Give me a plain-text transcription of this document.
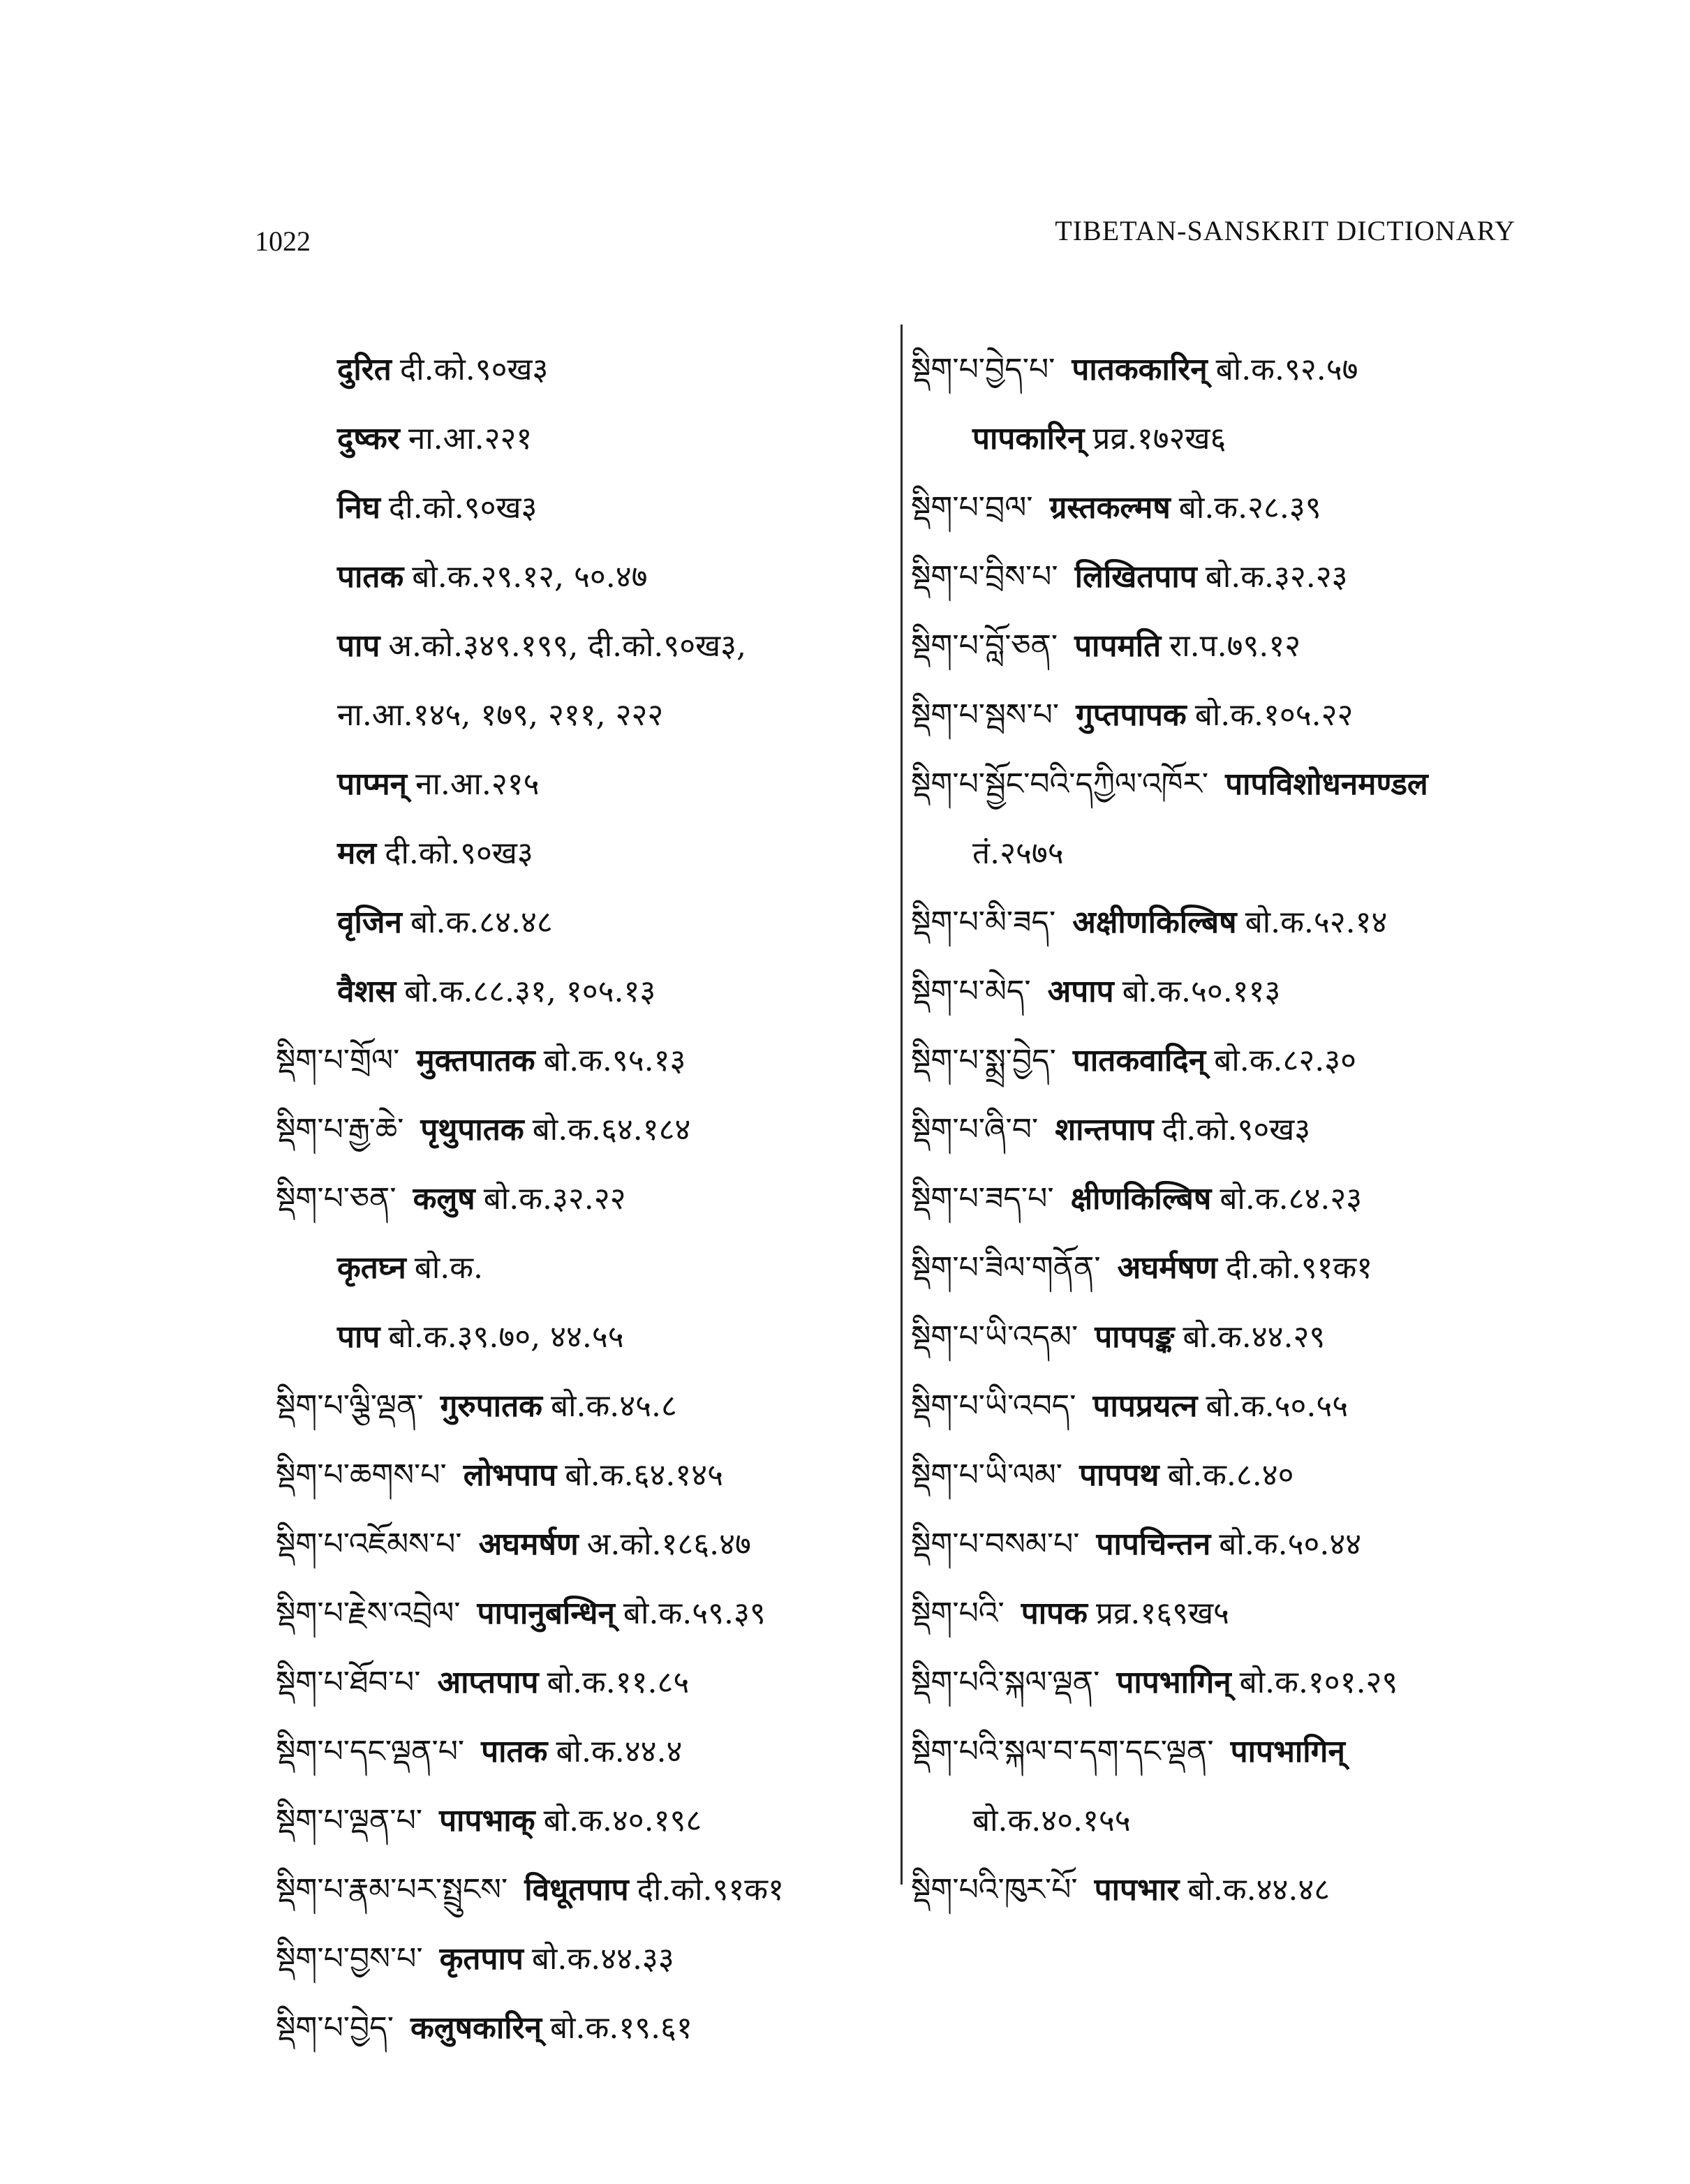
1022	TIBETAN-SANSKRIT DICTIONARY
दुरित दी.को.९०ख३
दुष्कर ना.आ.२२१
निघ दी.को.९०ख३
पातक बो.क.२९.१२, ५०.४७
पाप अ.को.३४९.१९९, दी.को.९०ख३,
ना.आ.१४५, १७९, २११, २२२
पाप्मन् ना.आ.२१५
मल दी.को.९०ख३
वृजिन बो.क.८४.४८
वैशस बो.क.८८.३१, १०५.१३
སྡིག་པ་གྲོལ་ मुक्तपातक बो.क.९५.१३
སྡིག་པ་རྒྱ་ཆེ་ पृथुपातक बो.क.६४.१८४
སྡིག་པ་ཅན་ कलुष बो.क.३२.२२
कृतघ्न बो.क.
पाप बो.क.३९.७०, ४४.५५
སྡིག་པ་ལྕི་ལྡན་ गुरुपातक बो.क.४५.८
སྡིག་པ་ཆགས་པ་ लोभपाप बो.क.६४.१४५
སྡིག་པ་འཇོམས་པ་ अघमर्षण अ.को.१८६.४७
སྡིག་པ་རྗེས་འབྲེལ་ पापानुबन्धिन् बो.क.५९.३९
སྡིག་པ་ཐོབ་པ་ आप्तपाप बो.क.११.८५
སྡིག་པ་དང་ལྡན་པ་ पातक बो.क.४४.४
སྡིག་པ་ལྡན་པ་ पापभाक् बो.क.४०.१९८
སྡིག་པ་རྣམ་པར་སྤྲུངས་ विधूतपाप दी.को.९१क१
སྡིག་པ་བྱས་པ་ कृतपाप बो.क.४४.३३
སྡིག་པ་བྱེད་ कलुषकारिन् बो.क.१९.६१
སྡིག་པ་བྱེད་པ་ पातककारिन् बो.क.९२.५७
पापकारिन् प्रव्र.१७२ख६
སྡིག་པ་བྲལ་ ग्रस्तकल्मष बो.क.२८.३९
སྡིག་པ་བྲིས་པ་ लिखितपाप बो.क.३२.२३
སྡིག་པ་བློ་ཅན་ पापमति रा.प.७९.१२
སྡིག་པ་སྦས་པ་ गुप्तपापक बो.क.१०५.२२
སྡིག་པ་སྦྱོང་བའི་དཀྱིལ་འཁོར་ पापविशोधनमण्डल
तं.२५७५
སྡིག་པ་མི་ཟད་ अक्षीणकिल्बिष बो.क.५२.१४
སྡིག་པ་མེད་ अपाप बो.क.५०.११३
སྡིག་པ་སྨྲ་བྱེད་ पातकवादिन् बो.क.८२.३०
སྡིག་པ་ཞི་བ་ शान्तपाप दी.को.९०ख३
སྡིག་པ་ཟད་པ་ क्षीणकिल्बिष बो.क.८४.२३
སྡིག་པ་ཟིལ་གནོན་ अघर्मषण दी.को.९१क१
སྡིག་པ་ཡི་འདམ་ पापपङ्क बो.क.४४.२९
སྡིག་པ་ཡི་འབད་ पापप्रयत्न बो.क.५०.५५
སྡིག་པ་ཡི་ལམ་ पापपथ बो.क.८.४०
སྡིག་པ་བསམ་པ་ पापचिन्तन बो.क.५०.४४
སྡིག་པའི་ पापक प्रव्र.१६९ख५
སྡིག་པའི་སྐལ་ལྡན་ पापभागिन् बो.क.१०१.२९
སྡིག་པའི་སྐལ་བ་དག་དང་ལྡན་ पापभागिन्
बो.क.४०.१५५
སྡིག་པའི་ཁུར་པོ་ पापभार बो.क.४४.४८
